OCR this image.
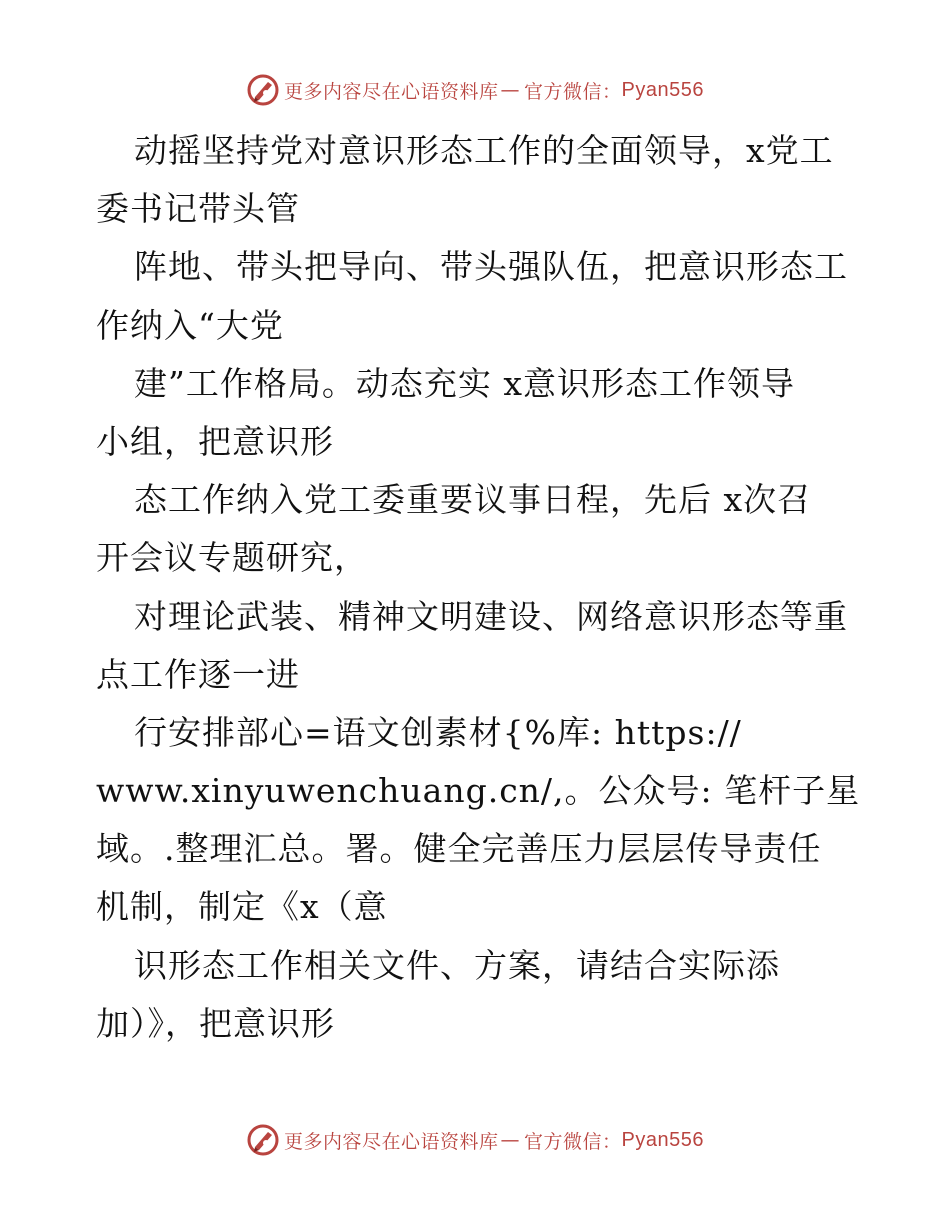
更多内容尽在心语资料库 — 官方微信： Pyan556
动摇坚持党对意识形态工作的全面领导，x党工
委书记带头管
阵地、带头把导向、带头强队伍，把意识形态工
作纳入“大党
建”工作格局。动态充实 x意识形态工作领导
小组，把意识形
态工作纳入党工委重要议事日程，先后 x次召
开会议专题研究，
对理论武装、精神文明建设、网络意识形态等重
点工作逐一进
行安排部心=语文创素材{%库: https://
www.xinyuwenchuang.cn/,。公众号: 笔杆子星
域。.整理汇总。署。健全完善压力层层传导责任
机制，制定《x（意
识形态工作相关文件、方案，请结合实际添
加）》，把意识形
更多内容尽在心语资料库 — 官方微信： Pyan556
